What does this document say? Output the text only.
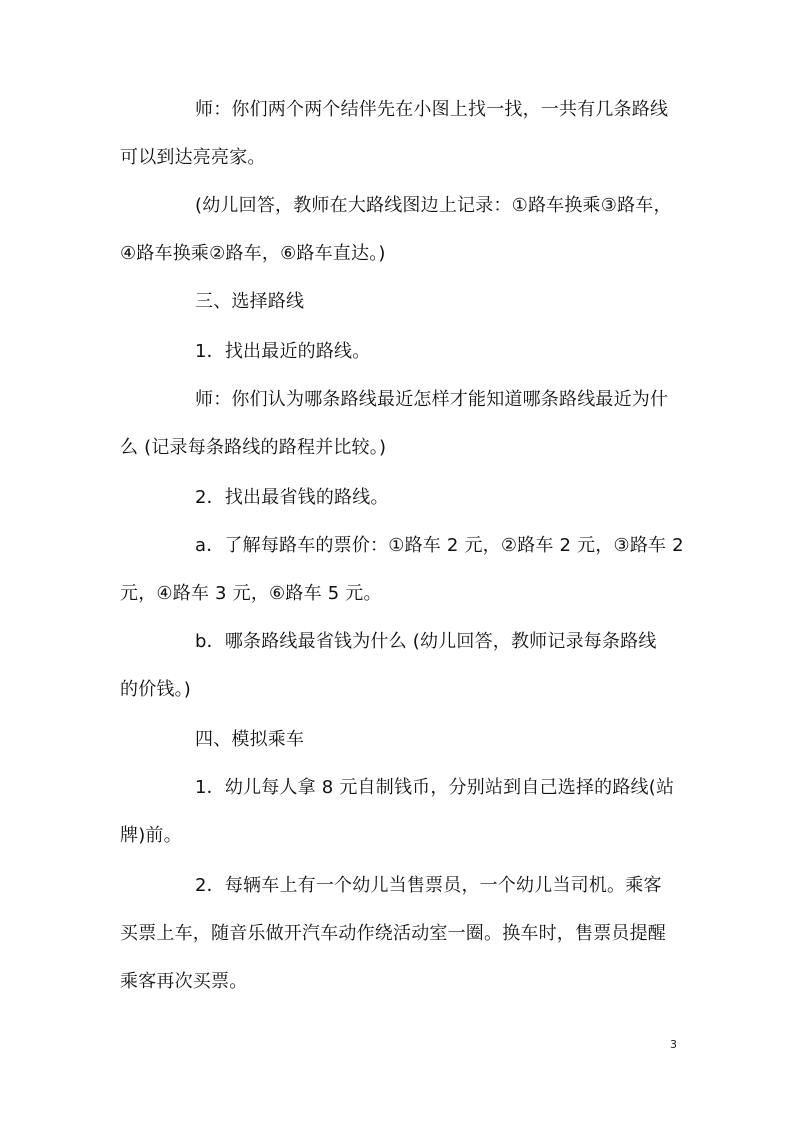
师：你们两个两个结伴先在小图上找一找，一共有几条路线
可以到达亮亮家。
(幼儿回答，教师在大路线图边上记录：①路车换乘③路车，
④路车换乘②路车，⑥路车直达。)
三、选择路线
1．找出最近的路线。
师：你们认为哪条路线最近怎样才能知道哪条路线最近为什
么 (记录每条路线的路程并比较。)
2．找出最省钱的路线。
a．了解每路车的票价：①路车 2 元，②路车 2 元，③路车 2
元，④路车 3 元，⑥路车 5 元。
b．哪条路线最省钱为什么 (幼儿回答，教师记录每条路线
的价钱。)
四、模拟乘车
1．幼儿每人拿 8 元自制钱币，分别站到自己选择的路线(站
牌)前。
2．每辆车上有一个幼儿当售票员，一个幼儿当司机。乘客
买票上车，随音乐做开汽车动作绕活动室一圈。换车时，售票员提醒
乘客再次买票。
3
